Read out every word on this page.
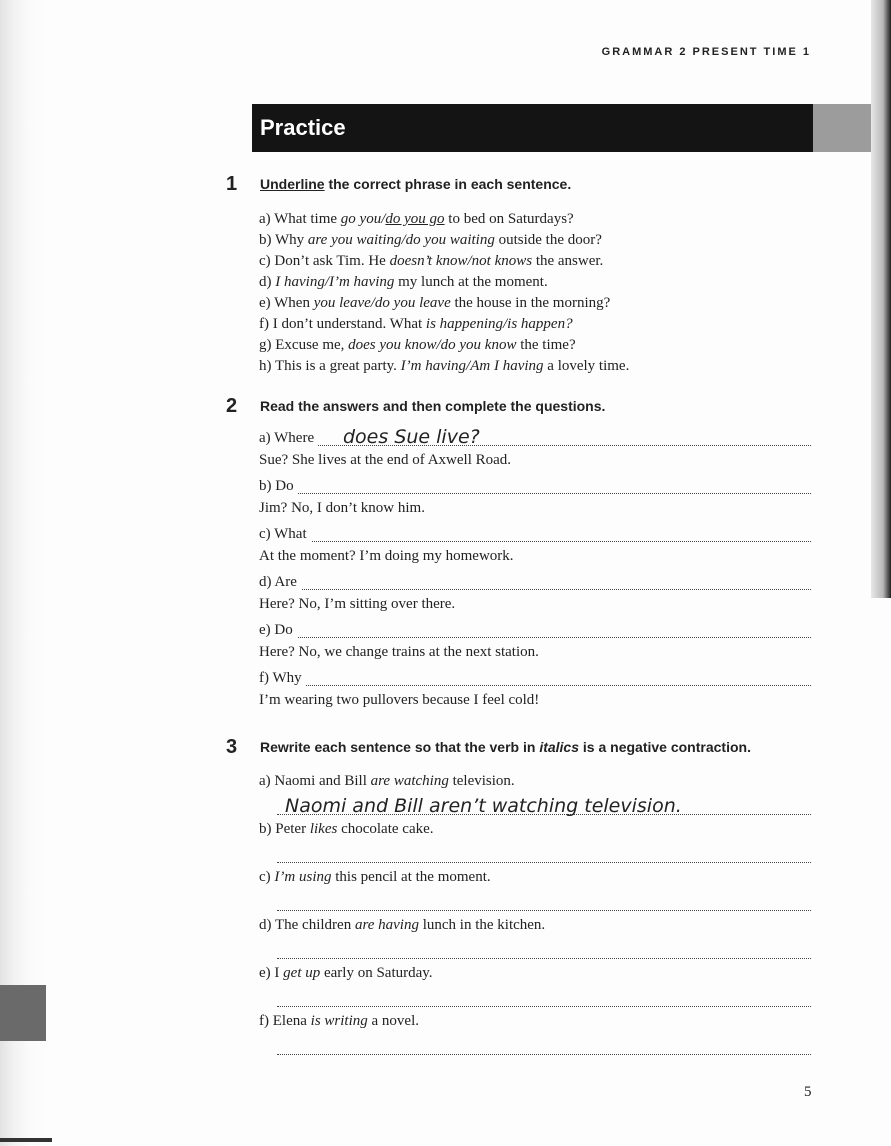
GRAMMAR 2 PRESENT TIME 1
Practice
1 Underline the correct phrase in each sentence.
a) What time go you/do you go to bed on Saturdays?
b) Why are you waiting/do you waiting outside the door?
c) Don’t ask Tim. He doesn’t know/not knows the answer.
d) I having/I’m having my lunch at the moment.
e) When you leave/do you leave the house in the morning?
f) I don’t understand. What is happening/is happen?
g) Excuse me, does you know/do you know the time?
h) This is a great party. I’m having/Am I having a lovely time.
2 Read the answers and then complete the questions.
a) Where does Sue live?
Sue? She lives at the end of Axwell Road.
b) Do
Jim? No, I don’t know him.
c) What
At the moment? I’m doing my homework.
d) Are
Here? No, I’m sitting over there.
e) Do
Here? No, we change trains at the next station.
f) Why
I’m wearing two pullovers because I feel cold!
3 Rewrite each sentence so that the verb in italics is a negative contraction.
a) Naomi and Bill are watching television.
Naomi and Bill aren’t watching television.
b) Peter likes chocolate cake.
c) I’m using this pencil at the moment.
d) The children are having lunch in the kitchen.
e) I get up early on Saturday.
f) Elena is writing a novel.
5
